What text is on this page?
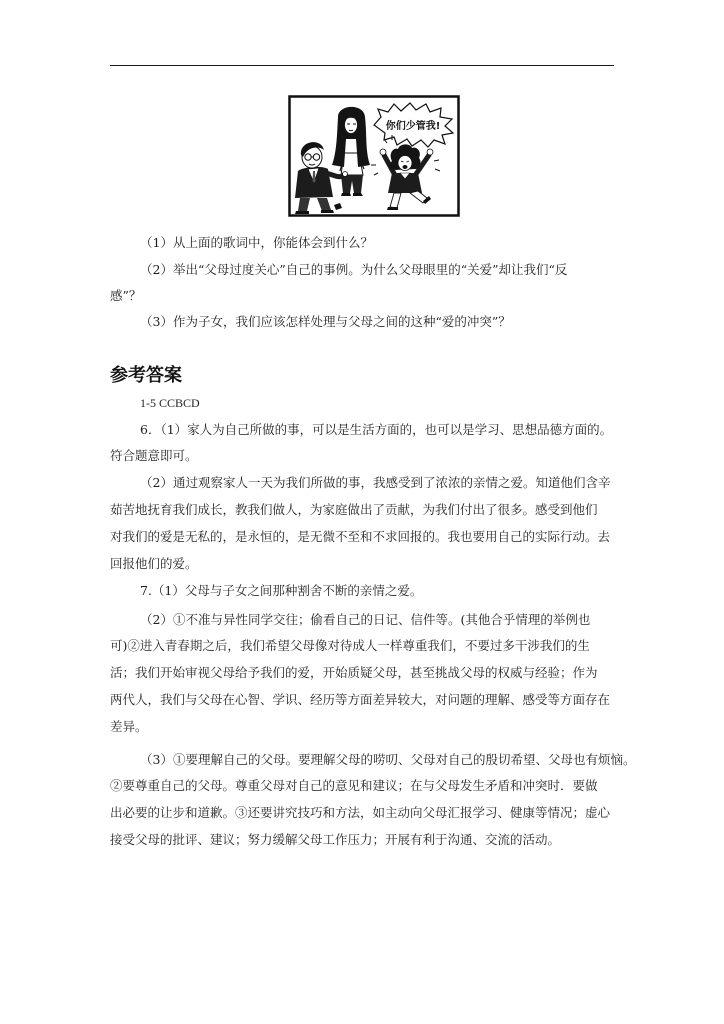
你们少管我!
（1）从上面的歌词中，你能体会到什么？
（2）举出“父母过度关心”自己的事例。为什么父母眼里的“关爱”却让我们“反
感”？
（3）作为子女，我们应该怎样处理与父母之间的这种“爱的冲突”？
参考答案
1-5 CCBCD
6．（1）家人为自己所做的事，可以是生活方面的，也可以是学习、思想品德方面的。
符合题意即可。
（2）通过观察家人一天为我们所做的事，我感受到了浓浓的亲情之爱。知道他们含辛
茹苦地抚育我们成长，教我们做人，为家庭做出了贡献，为我们付出了很多。感受到他们
对我们的爱是无私的，是永恒的，是无微不至和不求回报的。我也要用自己的实际行动。去
回报他们的爱。
7.（1）父母与子女之间那种割舍不断的亲情之爱。
（2）①不准与异性同学交往；偷看自己的日记、信件等。(其他合乎情理的举例也
可)②进入青春期之后，我们希望父母像对待成人一样尊重我们，不要过多干涉我们的生
活；我们开始审视父母给予我们的爱，开始质疑父母，甚至挑战父母的权威与经验；作为
两代人，我们与父母在心智、学识、经历等方面差异较大，对问题的理解、感受等方面存在
差异。
（3）①要理解自己的父母。要理解父母的唠叨、父母对自己的殷切希望、父母也有烦恼。
②要尊重自己的父母。尊重父母对自己的意见和建议；在与父母发生矛盾和冲突时．要做
出必要的让步和道歉。③还要讲究技巧和方法，如主动向父母汇报学习、健康等情况；虚心
接受父母的批评、建议；努力缓解父母工作压力；开展有利于沟通、交流的活动。
